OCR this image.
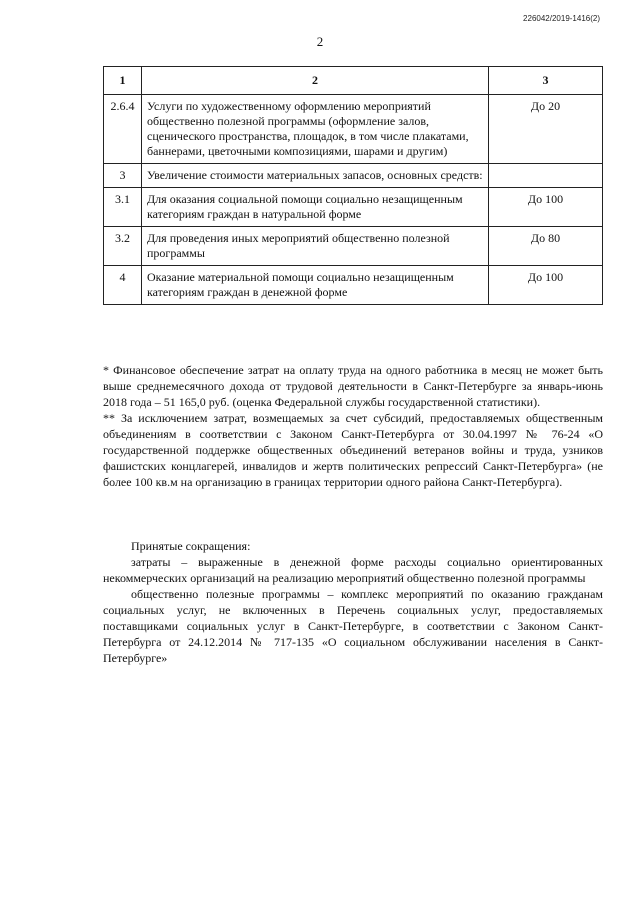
226042/2019-1416(2)
2
1	2	3
2.6.4	Услуги по художественному оформлению мероприятий общественно полезной программы (оформление залов, сценического пространства, площадок, в том числе плакатами, баннерами, цветочными композициями, шарами и другим)	До 20
3	Увеличение стоимости материальных запасов, основных средств:	
3.1	Для оказания социальной помощи социально незащищенным категориям граждан в натуральной форме	До 100
3.2	Для проведения иных мероприятий общественно полезной программы	До 80
4	Оказание материальной помощи социально незащищенным категориям граждан в денежной форме	До 100

* Финансовое обеспечение затрат на оплату труда на одного работника в месяц не может быть выше среднемесячного дохода от трудовой деятельности в Санкт-Петербурге за январь-июнь 2018 года – 51 165,0 руб. (оценка Федеральной службы государственной статистики).

** За исключением затрат, возмещаемых за счет субсидий, предоставляемых общественным объединениям в соответствии с Законом Санкт-Петербурга от 30.04.1997 № 76-24 «О государственной поддержке общественных объединений ветеранов войны и труда, узников фашистских концлагерей, инвалидов и жертв политических репрессий Санкт-Петербурга» (не более 100 кв.м на организацию в границах территории одного района Санкт-Петербурга).

Принятые сокращения:

затраты – выраженные в денежной форме расходы социально ориентированных некоммерческих организаций на реализацию мероприятий общественно полезной программы

общественно полезные программы – комплекс мероприятий по оказанию гражданам социальных услуг, не включенных в Перечень социальных услуг, предоставляемых поставщиками социальных услуг в Санкт-Петербурге, в соответствии с Законом Санкт-Петербурга от 24.12.2014 № 717-135 «О социальном обслуживании населения в Санкт-Петербурге»
